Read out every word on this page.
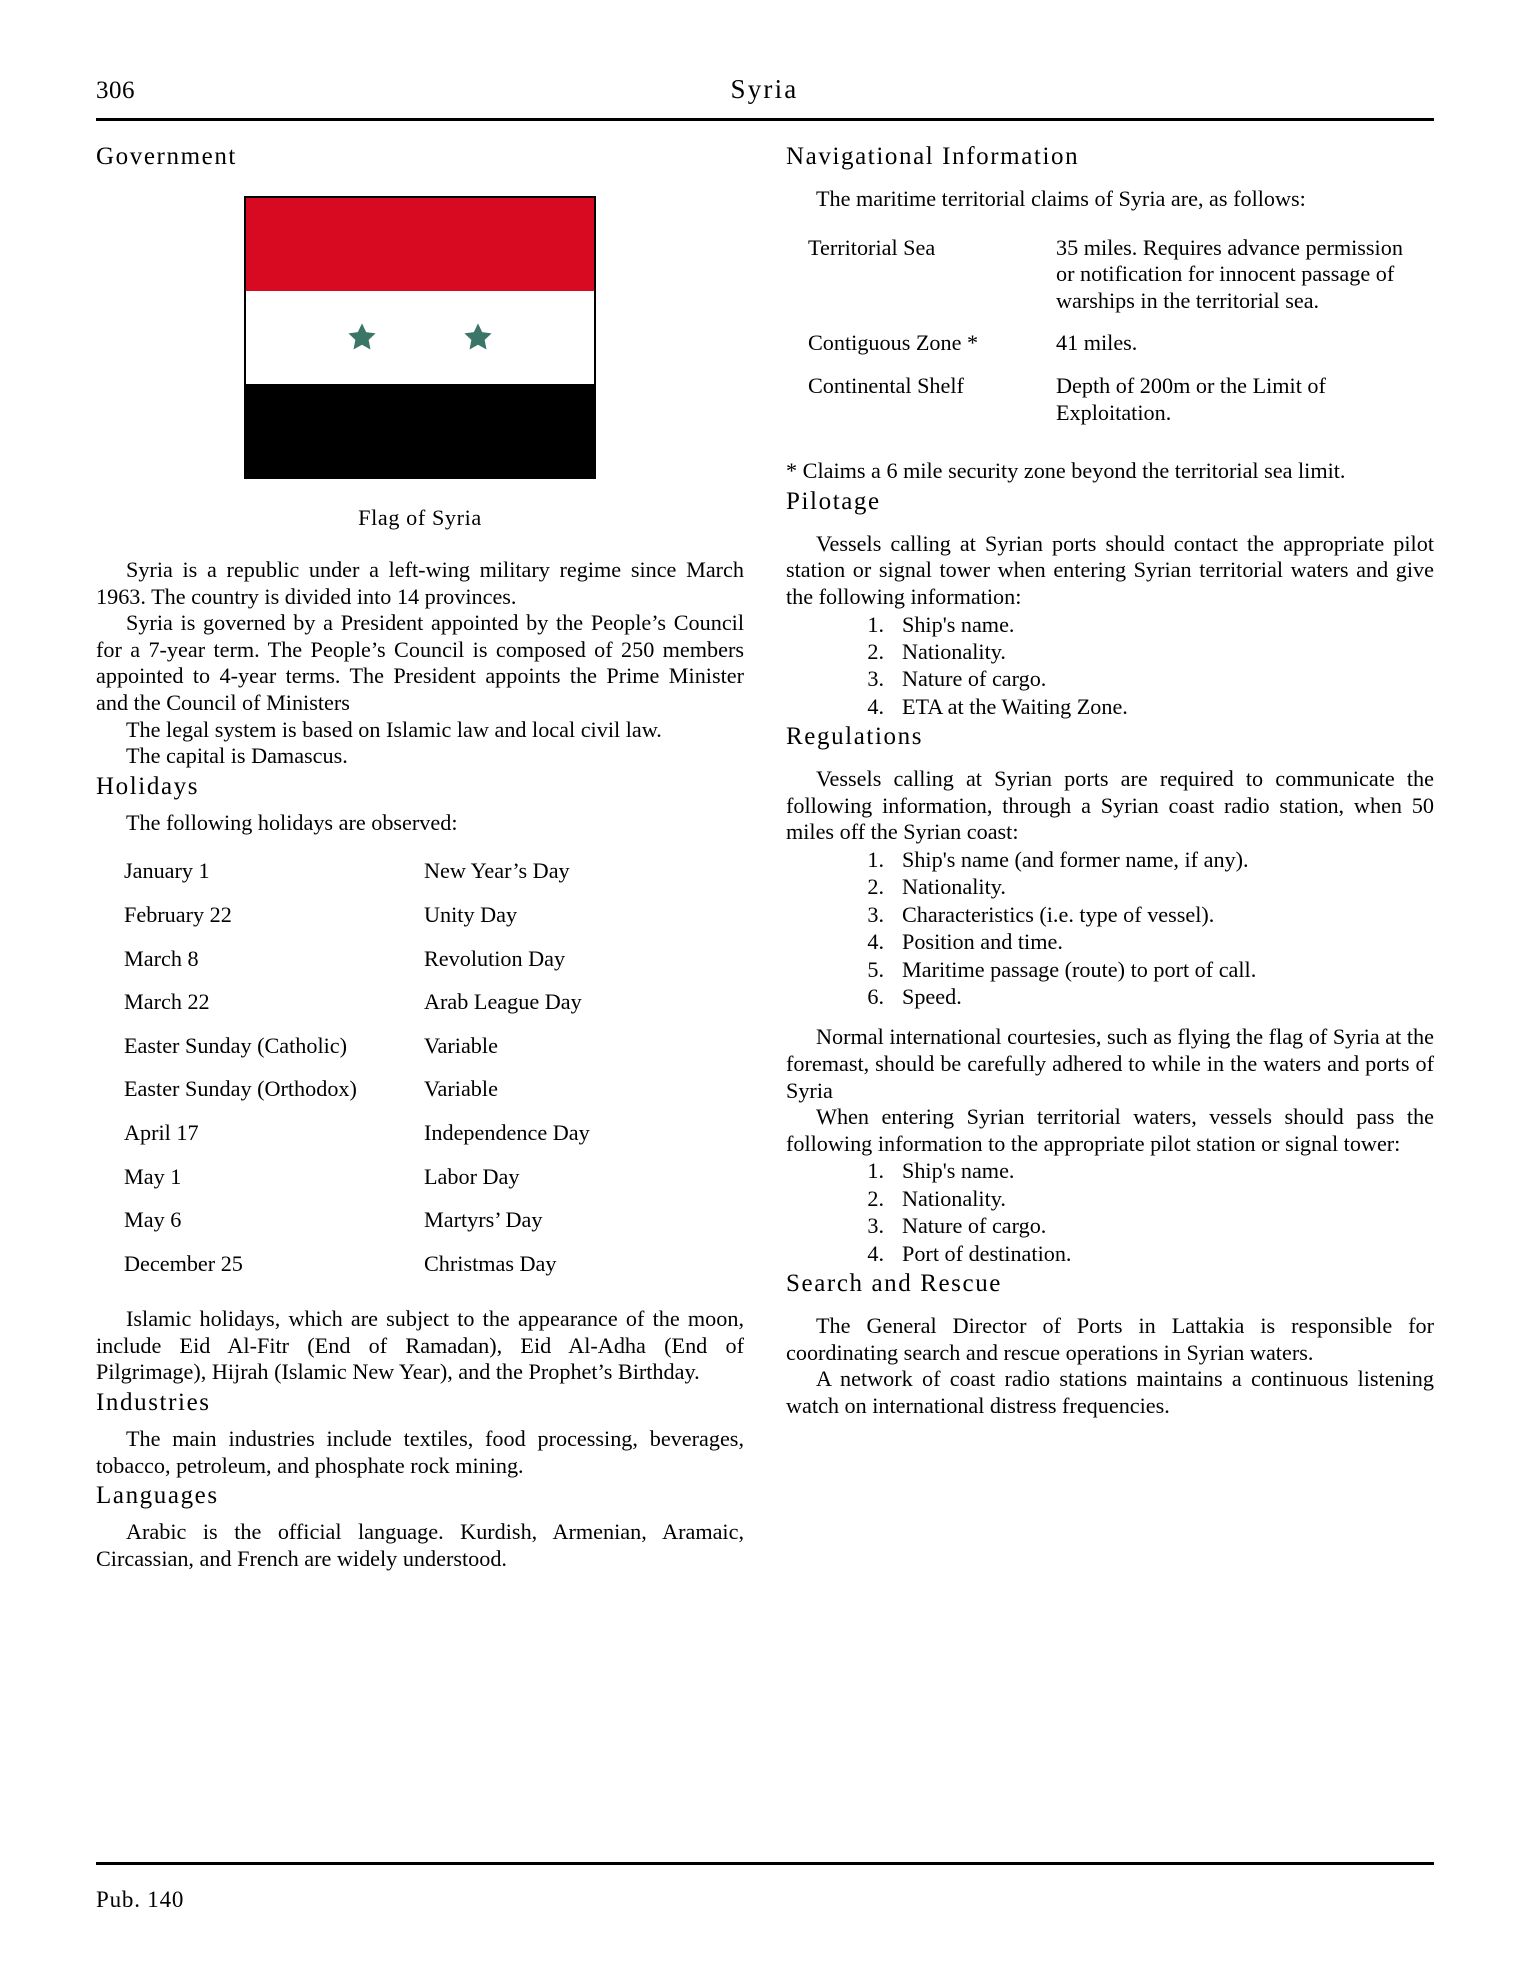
306	Syria
Government
Flag of Syria

Syria is a republic under a left-wing military regime since March 1963. The country is divided into 14 provinces.

Syria is governed by a President appointed by the People’s Council for a 7-year term. The People’s Council is composed of 250 members appointed to 4-year terms. The President appoints the Prime Minister and the Council of Ministers

The legal system is based on Islamic law and local civil law.

The capital is Damascus.

Holidays

The following holidays are observed:

January 1	New Year’s Day
February 22	Unity Day
March 8	Revolution Day
March 22	Arab League Day
Easter Sunday (Catholic)	Variable
Easter Sunday (Orthodox)	Variable
April 17	Independence Day
May 1	Labor Day
May 6	Martyrs’ Day
December 25	Christmas Day

Islamic holidays, which are subject to the appearance of the moon, include Eid Al-Fitr (End of Ramadan), Eid Al-Adha (End of Pilgrimage), Hijrah (Islamic New Year), and the Prophet’s Birthday.

Industries

The main industries include textiles, food processing, beverages, tobacco, petroleum, and phosphate rock mining.

Languages

Arabic is the official language. Kurdish, Armenian, Aramaic, Circassian, and French are widely understood.

Navigational Information

The maritime territorial claims of Syria are, as follows:

Territorial Sea	35 miles. Requires advance permission or notification for innocent passage of warships in the territorial sea.
Contiguous Zone *	41 miles.
Continental Shelf	Depth of 200m or the Limit of Exploitation.

* Claims a 6 mile security zone beyond the territorial sea limit.

Pilotage

Vessels calling at Syrian ports should contact the appropriate pilot station or signal tower when entering Syrian territorial waters and give the following information:

1. Ship's name.
2. Nationality.
3. Nature of cargo.
4. ETA at the Waiting Zone.
Regulations

Vessels calling at Syrian ports are required to communicate the following information, through a Syrian coast radio station, when 50 miles off the Syrian coast:

1. Ship's name (and former name, if any).
2. Nationality.
3. Characteristics (i.e. type of vessel).
4. Position and time.
5. Maritime passage (route) to port of call.
6. Speed.

Normal international courtesies, such as flying the flag of Syria at the foremast, should be carefully adhered to while in the waters and ports of Syria

When entering Syrian territorial waters, vessels should pass the following information to the appropriate pilot station or signal tower:

1. Ship's name.
2. Nationality.
3. Nature of cargo.
4. Port of destination.
Search and Rescue

The General Director of Ports in Lattakia is responsible for coordinating search and rescue operations in Syrian waters.

A network of coast radio stations maintains a continuous listening watch on international distress frequencies.

Pub. 140
